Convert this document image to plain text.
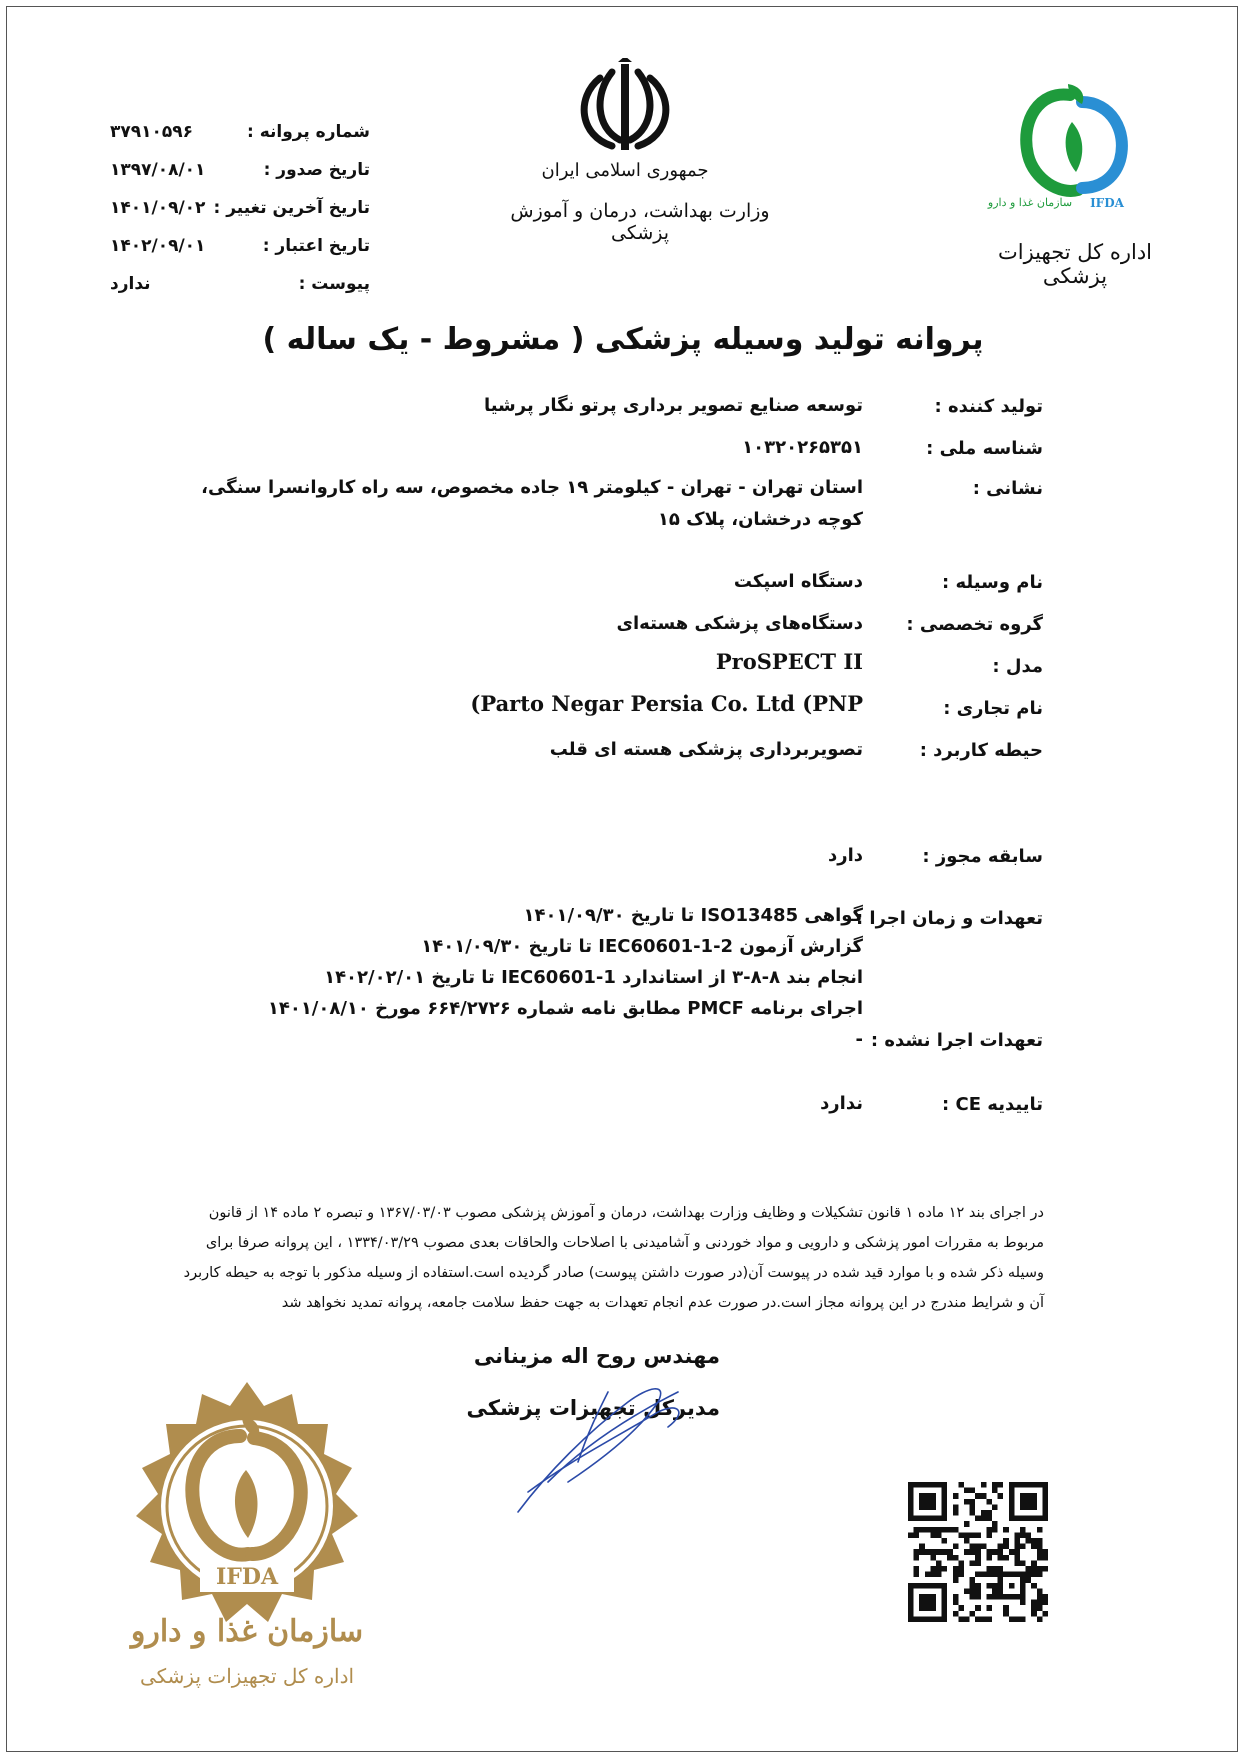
شماره پروانه :
۳۷۹۱۰۵۹۶
تاریخ صدور :
۱۳۹۷/۰۸/۰۱
تاریخ آخرین تغییر :
۱۴۰۱/۰۹/۰۲
تاریخ اعتبار :
۱۴۰۲/۰۹/۰۱
پیوست :
ندارد
جمهوری اسلامی ایران
وزارت بهداشت، درمان و آموزش پزشکی
سازمان غذا و دارو	IFDA
اداره کل تجهیزات پزشکی
پروانه تولید وسیله پزشکی ( مشروط - یک ساله )
تولید کننده :
توسعه صنایع تصویر برداری پرتو نگار پرشیا
شناسه ملی :
۱۰۳۲۰۲۶۵۳۵۱
نشانی :
استان تهران - تهران - کیلومتر ۱۹ جاده مخصوص، سه راه کاروانسرا سنگی، کوچه درخشان، پلاک ۱۵
نام وسیله :
دستگاه اسپکت
گروه تخصصی :
دستگاه‌های پزشکی هسته‌ای
مدل :
ProSPECT II
نام تجاری :
(Parto Negar Persia Co. Ltd (PNP
حیطه کاربرد :
تصویربرداری پزشکی هسته ای قلب
سابقه مجوز :
دارد
تعهدات و زمان اجرا :
گواهی ISO13485 تا تاریخ ۱۴۰۱/۰۹/۳۰
گزارش آزمون IEC60601-1-2 تا تاریخ ۱۴۰۱/۰۹/۳۰
انجام بند ۸-۸-۳ از استاندارد IEC60601-1 تا تاریخ ۱۴۰۲/۰۲/۰۱
اجرای برنامه PMCF مطابق نامه شماره ۶۶۴/۲۷۲۶ مورخ ۱۴۰۱/۰۸/۱۰
تعهدات اجرا نشده :
-
تاییدیه CE :
ندارد

در اجرای بند ۱۲ ماده ۱ قانون تشکیلات و وظایف وزارت بهداشت، درمان و آموزش پزشکی مصوب ۱۳۶۷/۰۳/۰۳ و تبصره ۲ ماده ۱۴ از قانون

مربوط به مقررات امور پزشکی و دارویی و مواد خوردنی و آشامیدنی با اصلاحات والحاقات بعدی مصوب ۱۳۳۴/۰۳/۲۹ ، این پروانه صرفا برای

وسیله ذکر شده و با موارد قید شده در پیوست آن(در صورت داشتن پیوست) صادر گردیده است.استفاده از وسیله مذکور با توجه به حیطه کاربرد

آن و شرایط مندرج در این پروانه مجاز است.در صورت عدم انجام تعهدات به جهت حفظ سلامت جامعه، پروانه تمدید نخواهد شد

مهندس روح اله مزینانی
مدیرکل تجهیزات پزشکی
IFDA
سازمان غذا و دارو
اداره کل تجهیزات پزشکی
